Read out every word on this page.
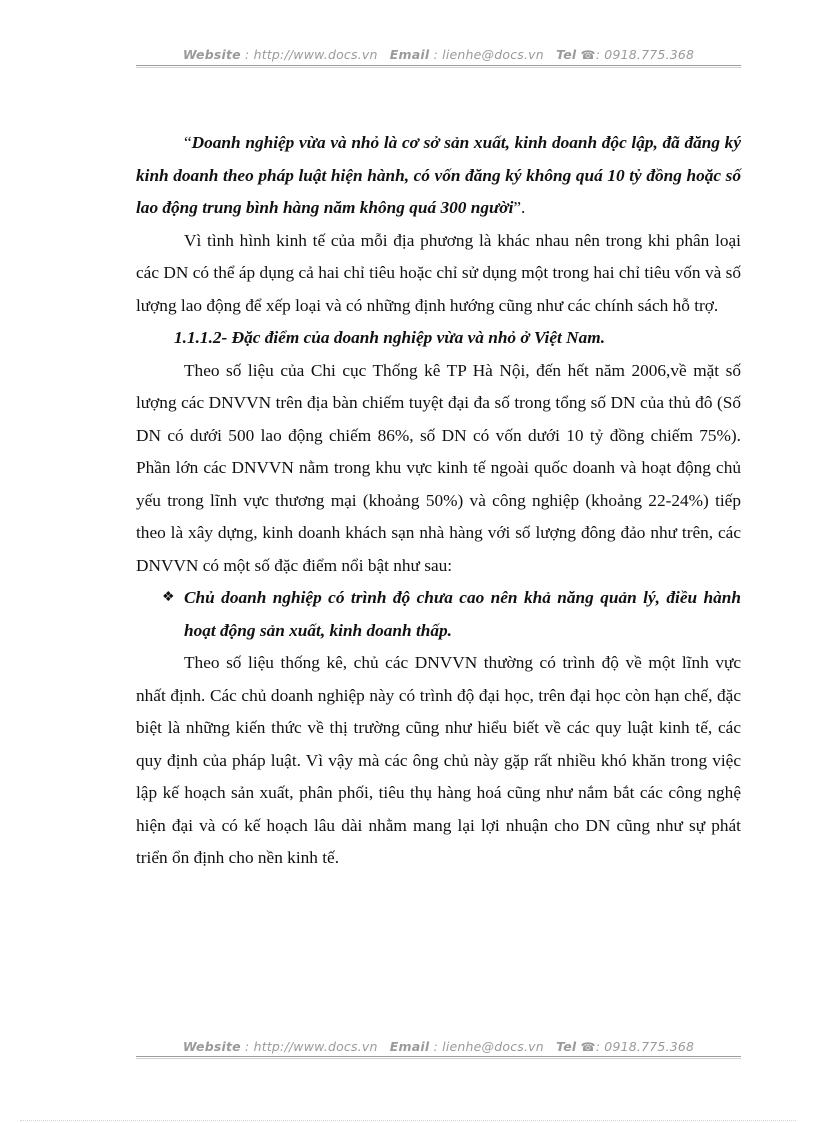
Website : http://www.docs.vn Email : lienhe@docs.vn Tel ☎: 0918.775.368

“Doanh nghiệp vừa và nhỏ là cơ sở sản xuất, kinh doanh độc lập, đã đăng ký kinh doanh theo pháp luật hiện hành, có vốn đăng ký không quá 10 tỷ đồng hoặc số lao động trung bình hàng năm không quá 300 người”.

Vì tình hình kinh tế của mỗi địa phương là khác nhau nên trong khi phân loại các DN có thể áp dụng cả hai chỉ tiêu hoặc chỉ sử dụng một trong hai chỉ tiêu vốn và số lượng lao động để xếp loại và có những định hướng cũng như các chính sách hỗ trợ.

1.1.1.2- Đặc điểm của doanh nghiệp vừa và nhỏ ở Việt Nam.

Theo số liệu của Chi cục Thống kê TP Hà Nội, đến hết năm 2006,về mặt số lượng các DNVVN trên địa bàn chiếm tuyệt đại đa số trong tổng số DN của thủ đô (Số DN có dưới 500 lao động chiếm 86%, số DN có vốn dưới 10 tỷ đồng chiếm 75%). Phần lớn các DNVVN nằm trong khu vực kinh tế ngoài quốc doanh và hoạt động chủ yếu trong lĩnh vực thương mại (khoảng 50%) và công nghiệp (khoảng 22-24%) tiếp theo là xây dựng, kinh doanh khách sạn nhà hàng với số lượng đông đảo như trên, các DNVVN có một số đặc điểm nổi bật như sau:

❖ Chủ doanh nghiệp có trình độ chưa cao nên khả năng quản lý, điều hành hoạt động sản xuất, kinh doanh thấp.

Theo số liệu thống kê, chủ các DNVVN thường có trình độ về một lĩnh vực nhất định. Các chủ doanh nghiệp này có trình độ đại học, trên đại học còn hạn chế, đặc biệt là những kiến thức về thị trường cũng như hiểu biết về các quy luật kinh tế, các quy định của pháp luật. Vì vậy mà các ông chủ này gặp rất nhiều khó khăn trong việc lập kế hoạch sản xuất, phân phối, tiêu thụ hàng hoá cũng như nắm bắt các công nghệ hiện đại và có kế hoạch lâu dài nhằm mang lại lợi nhuận cho DN cũng như sự phát triển ổn định cho nền kinh tế.

Website : http://www.docs.vn Email : lienhe@docs.vn Tel ☎: 0918.775.368
